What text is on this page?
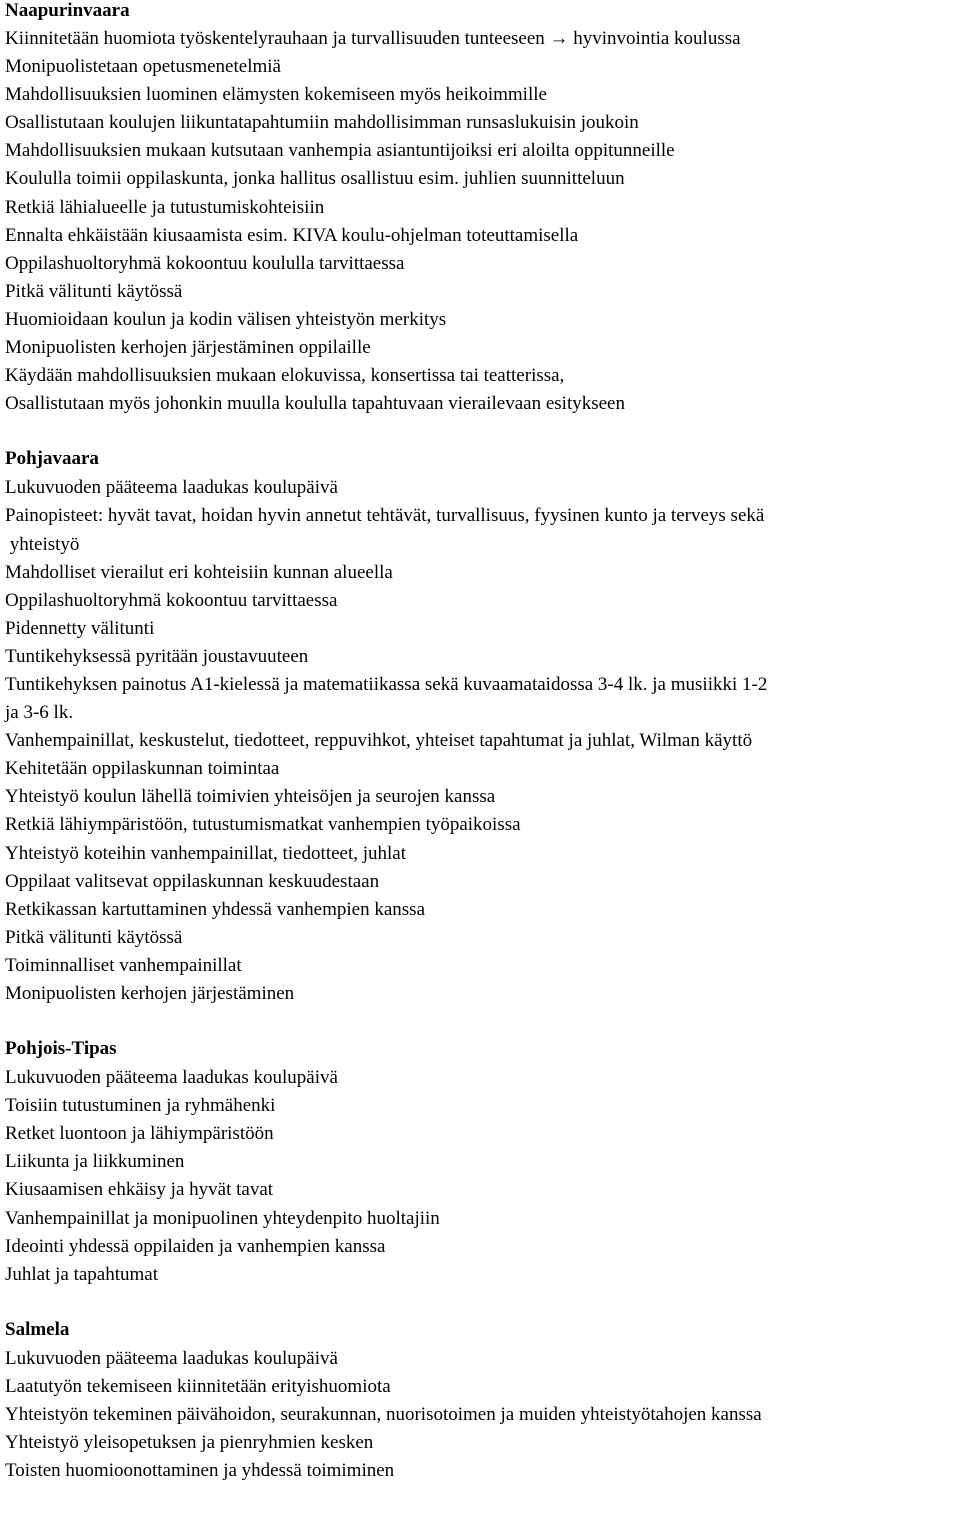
Naapurinvaara
Kiinnitetään huomiota työskentelyrauhaan ja turvallisuuden tunteeseen → hyvinvointia koulussa
Monipuolistetaan opetusmenetelmiä
Mahdollisuuksien luominen elämysten kokemiseen myös heikoimmille
Osallistutaan koulujen liikuntatapahtumiin mahdollisimman runsaslukuisin joukoin
Mahdollisuuksien mukaan kutsutaan vanhempia asiantuntijoiksi eri aloilta oppitunneille
Koululla toimii oppilaskunta, jonka hallitus osallistuu esim. juhlien suunnitteluun
Retkiä lähialueelle ja tutustumiskohteisiin
Ennalta ehkäistään kiusaamista esim. KIVA koulu-ohjelman toteuttamisella
Oppilashuoltoryhmä kokoontuu koululla tarvittaessa
Pitkä välitunti käytössä
Huomioidaan koulun ja kodin välisen yhteistyön merkitys
Monipuolisten kerhojen järjestäminen oppilaille
Käydään mahdollisuuksien mukaan elokuvissa, konsertissa tai teatterissa,
Osallistutaan myös johonkin muulla koululla tapahtuvaan vierailevaan esitykseen
Pohjavaara
Lukuvuoden pääteema laadukas koulupäivä
Painopisteet: hyvät tavat, hoidan hyvin annetut tehtävät, turvallisuus, fyysinen kunto ja terveys sekä
yhteistyö
Mahdolliset vierailut eri kohteisiin kunnan alueella
Oppilashuoltoryhmä kokoontuu tarvittaessa
Pidennetty välitunti
Tuntikehyksessä pyritään joustavuuteen
Tuntikehyksen painotus A1-kielessä ja matematiikassa sekä kuvaamataidossa 3-4 lk. ja musiikki 1-2
ja 3-6 lk.
Vanhempainillat, keskustelut, tiedotteet, reppuvihkot, yhteiset tapahtumat ja juhlat, Wilman käyttö
Kehitetään oppilaskunnan toimintaa
Yhteistyö koulun lähellä toimivien yhteisöjen ja seurojen kanssa
Retkiä lähiympäristöön, tutustumismatkat vanhempien työpaikoissa
Yhteistyö koteihin vanhempainillat, tiedotteet, juhlat
Oppilaat valitsevat oppilaskunnan keskuudestaan
Retkikassan kartuttaminen yhdessä vanhempien kanssa
Pitkä välitunti käytössä
Toiminnalliset vanhempainillat
Monipuolisten kerhojen järjestäminen
Pohjois-Tipas
Lukuvuoden pääteema laadukas koulupäivä
Toisiin tutustuminen ja ryhmähenki
Retket luontoon ja lähiympäristöön
Liikunta ja liikkuminen
Kiusaamisen ehkäisy ja hyvät tavat
Vanhempainillat ja monipuolinen yhteydenpito huoltajiin
Ideointi yhdessä oppilaiden ja vanhempien kanssa
Juhlat ja tapahtumat
Salmela
Lukuvuoden pääteema laadukas koulupäivä
Laatutyön tekemiseen kiinnitetään erityishuomiota
Yhteistyön tekeminen päivähoidon, seurakunnan, nuorisotoimen ja muiden yhteistyötahojen kanssa
Yhteistyö yleisopetuksen ja pienryhmien kesken
Toisten huomioonottaminen ja yhdessä toimiminen
